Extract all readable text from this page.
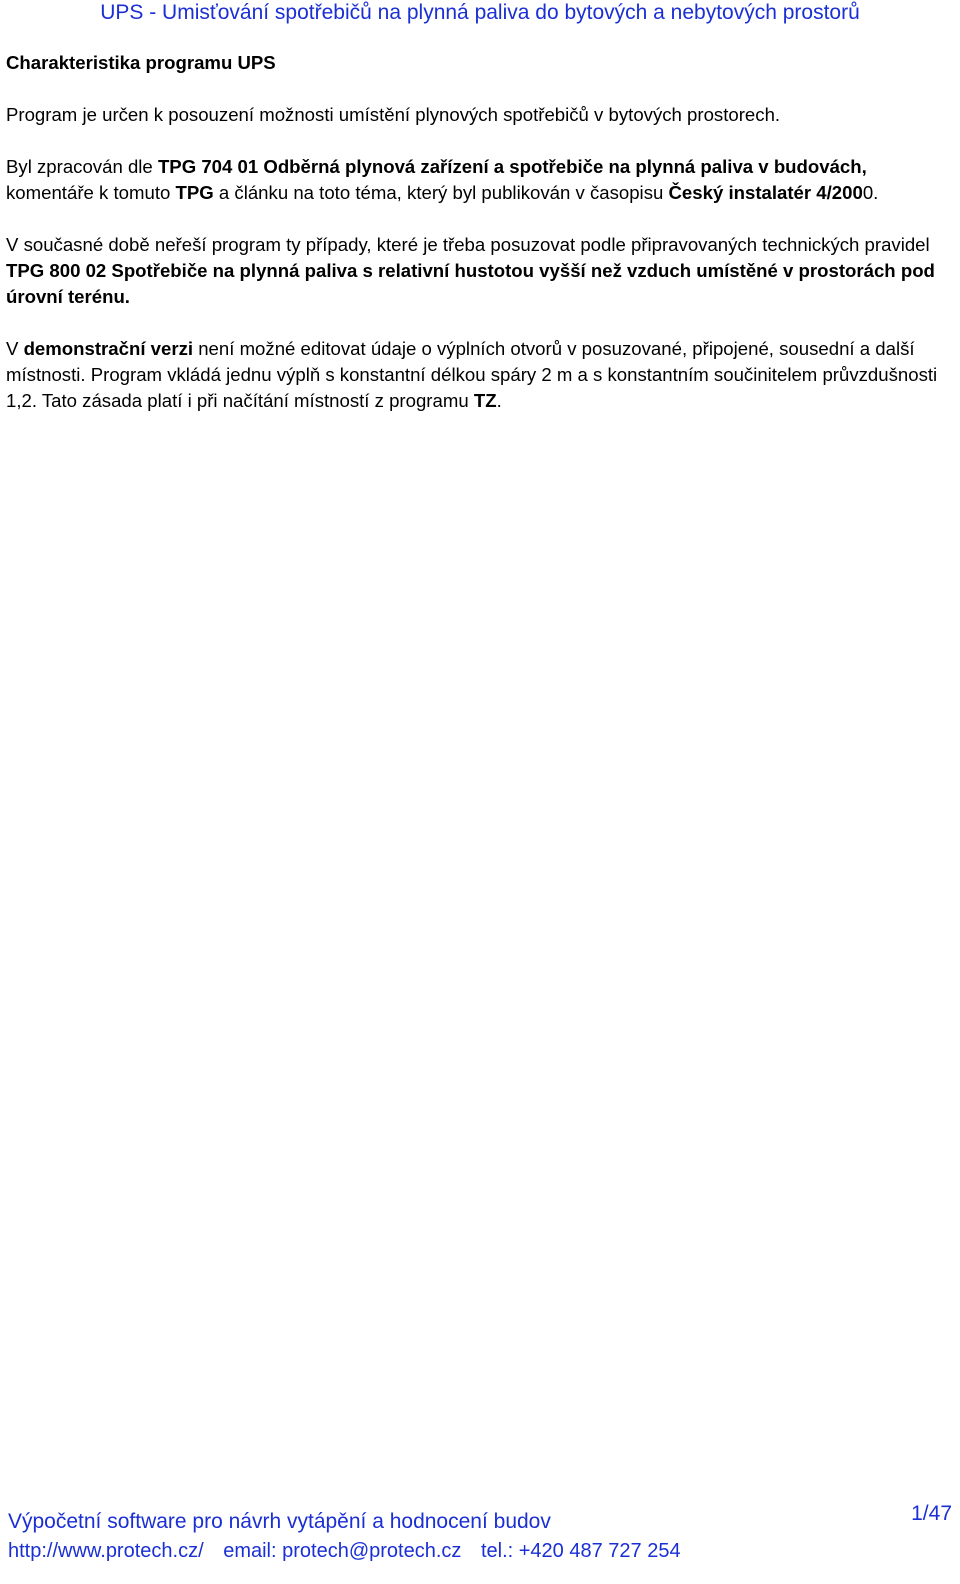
UPS - Umisťování spotřebičů na plynná paliva do bytových a nebytových prostorů
Charakteristika programu UPS

Program je určen k posouzení možnosti umístění plynových spotřebičů v bytových prostorech.

Byl zpracován dle TPG 704 01 Odběrná plynová zařízení a spotřebiče na plynná paliva v budovách, komentáře k tomuto TPG a článku na toto téma, který byl publikován v časopisu Český instalatér 4/2000.

V současné době neřeší program ty případy, které je třeba posuzovat podle připravovaných technických pravidel TPG 800 02 Spotřebiče na plynná paliva s relativní hustotou vyšší než vzduch umístěné v prostorách pod úrovní terénu.

V demonstrační verzi není možné editovat údaje o výplních otvorů v posuzované, připojené, sousední a další místnosti. Program vkládá jednu výplň s konstantní délkou spáry 2 m a s konstantním součinitelem průvzdušnosti 1,2. Tato zásada platí i při načítání místností z programu TZ.

Výpočetní software pro návrh vytápění a hodnocení budov	1/47
http://www.protech.cz/ email: protech@protech.cz tel.: +420 487 727 254
